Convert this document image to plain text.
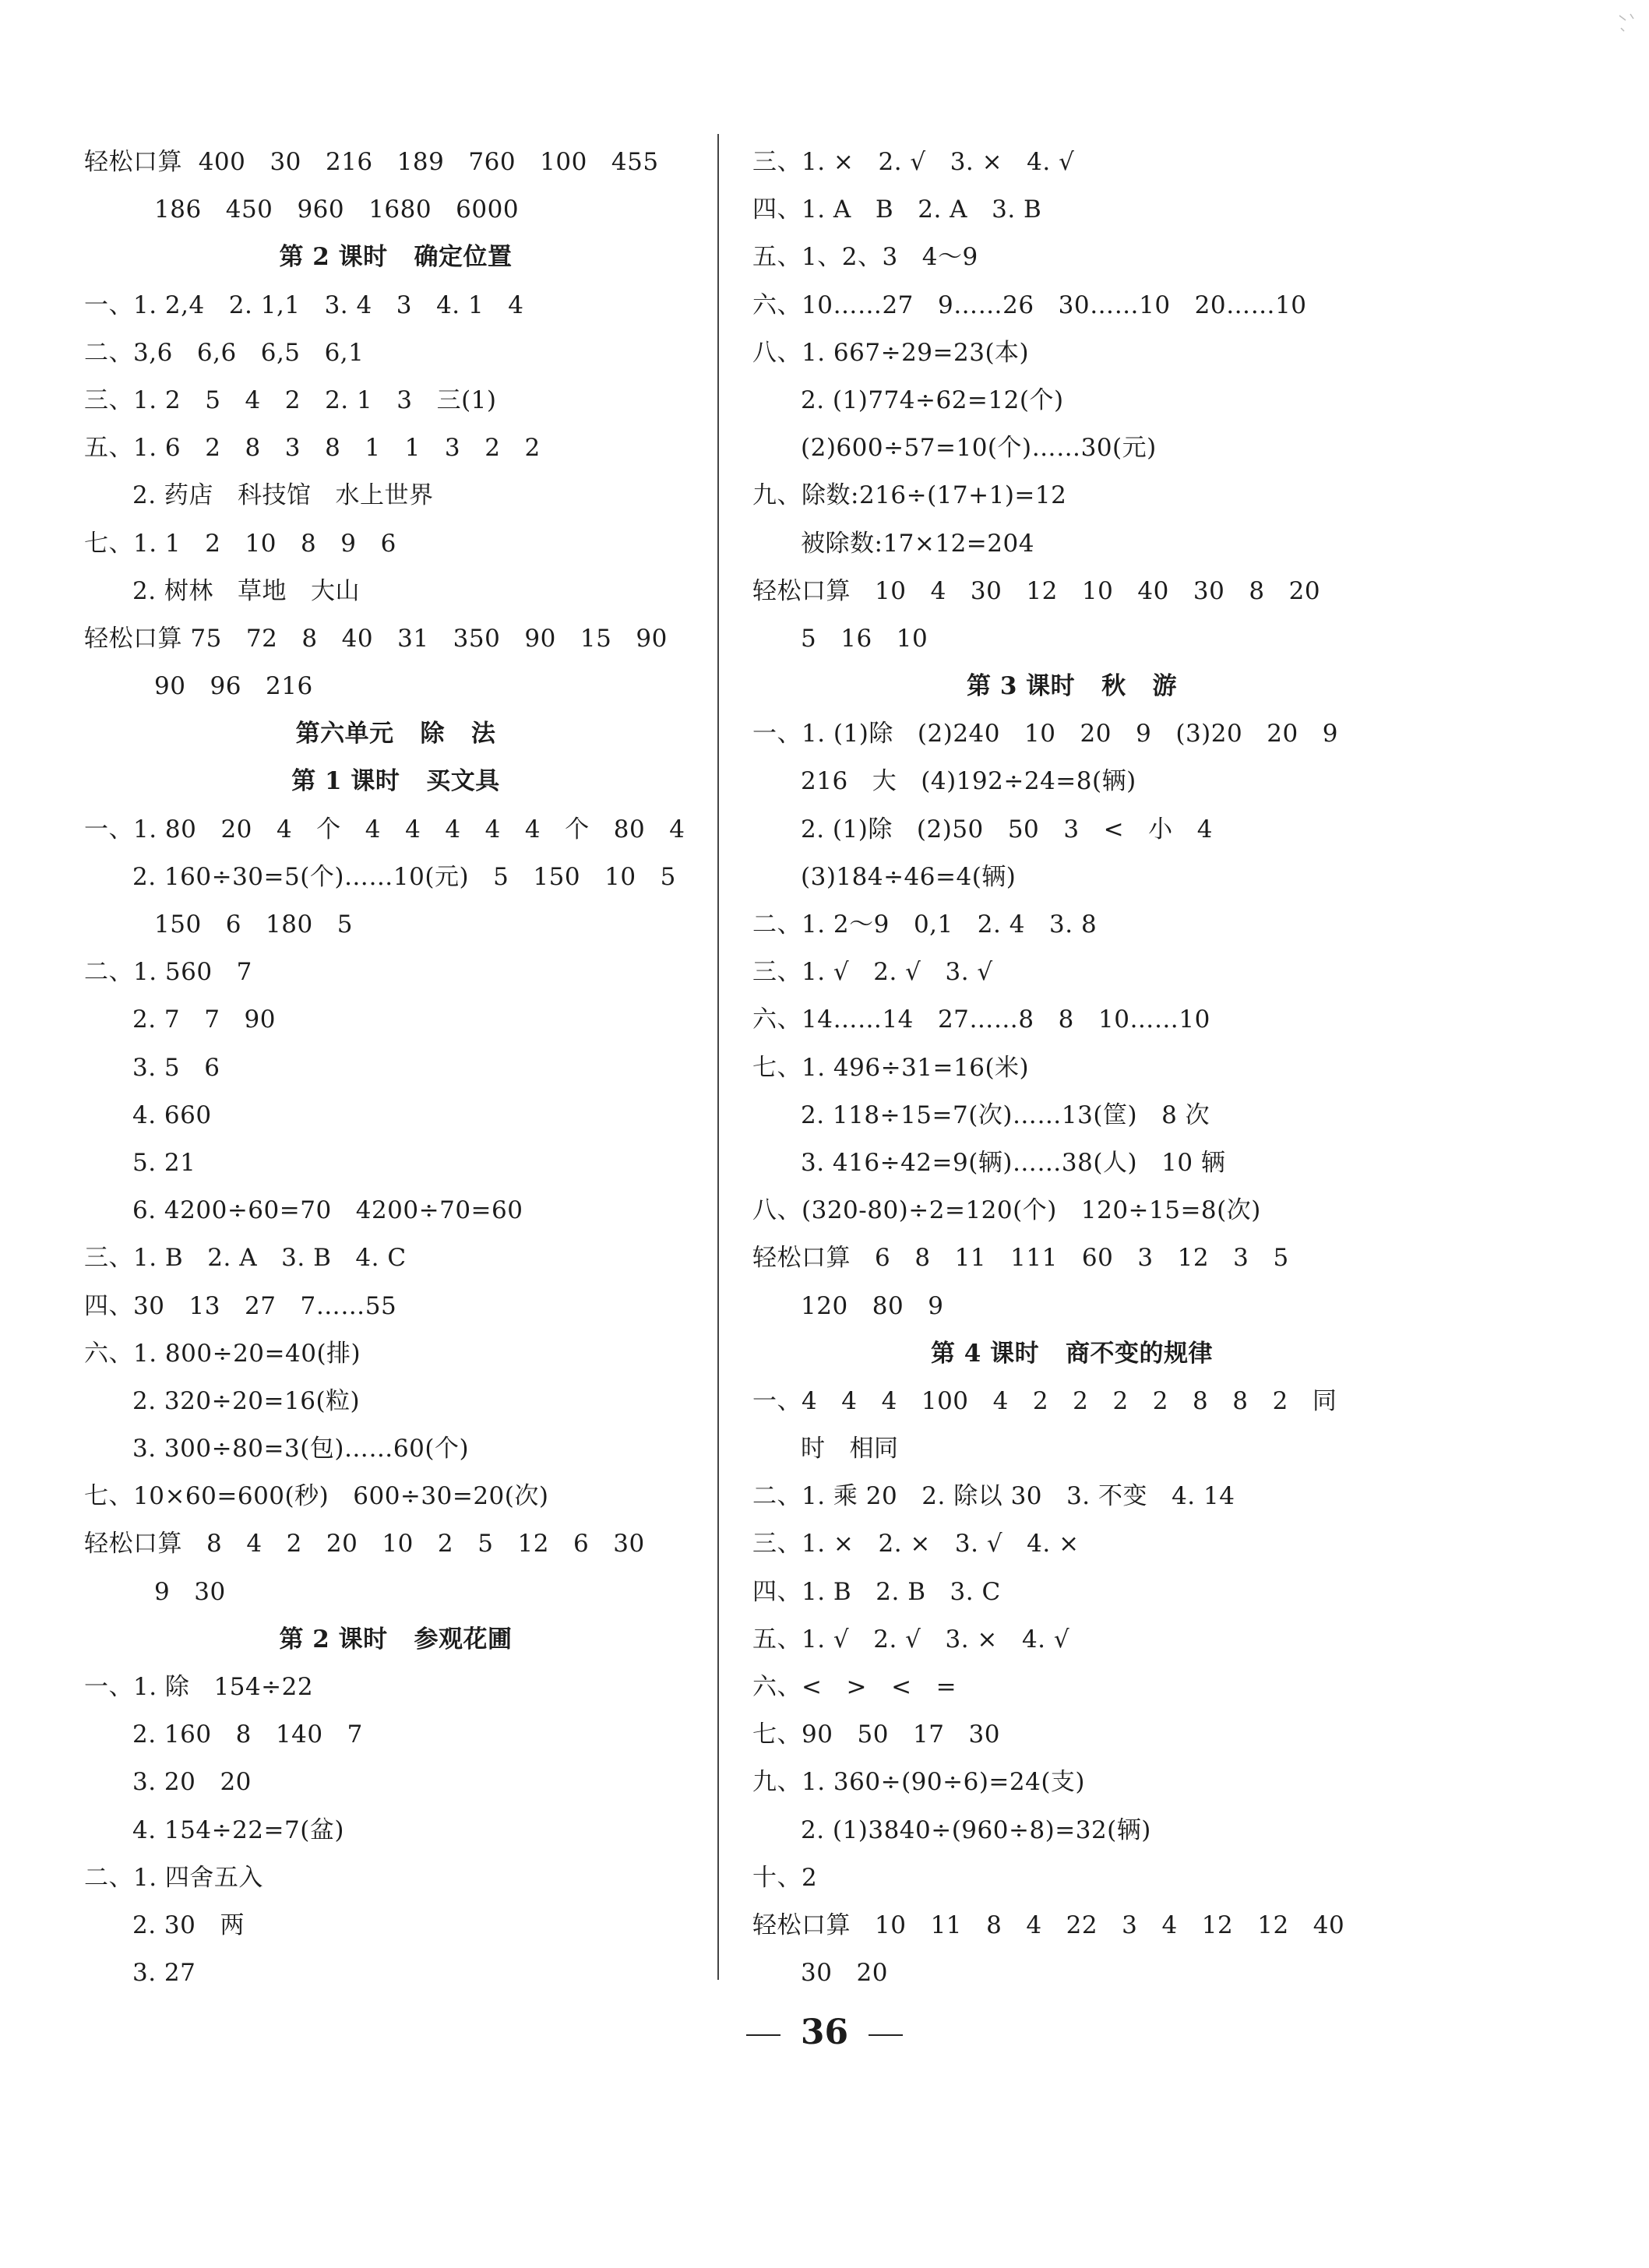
轻松口算  400   30   216   189   760   100   455
186   450   960   1680   6000
第 2 课时   确定位置
一、1. 2,4   2. 1,1   3. 4   3   4. 1   4
二、3,6   6,6   6,5   6,1
三、1. 2   5   4   2   2. 1   3   三(1)
五、1. 6   2   8   3   8   1   1   3   2   2
2. 药店   科技馆   水上世界
七、1. 1   2   10   8   9   6
2. 树林   草地   大山
轻松口算 75   72   8   40   31   350   90   15   90
90   96   216
第六单元   除   法
第 1 课时   买文具
一、1. 80   20   4   个   4   4   4   4   4   个   80   4
2. 160÷30=5(个)……10(元)   5   150   10   5
150   6   180   5
二、1. 560   7
2. 7   7   90
3. 5   6
4. 660
5. 21
6. 4200÷60=70   4200÷70=60
三、1. B   2. A   3. B   4. C
四、30   13   27   7……55
六、1. 800÷20=40(排)
2. 320÷20=16(粒)
3. 300÷80=3(包)……60(个)
七、10×60=600(秒)   600÷30=20(次)
轻松口算   8   4   2   20   10   2   5   12   6   30
9   30
第 2 课时   参观花圃
一、1. 除   154÷22
2. 160   8   140   7
3. 20   20
4. 154÷22=7(盆)
二、1. 四舍五入
2. 30   两
3. 27
三、1. ×   2. √   3. ×   4. √
四、1. A   B   2. A   3. B
五、1、2、3   4～9
六、10……27   9……26   30……10   20……10
八、1. 667÷29=23(本)
2. (1)774÷62=12(个)
(2)600÷57=10(个)……30(元)
九、除数:216÷(17+1)=12
被除数:17×12=204
轻松口算   10   4   30   12   10   40   30   8   20
5   16   10
第 3 课时   秋   游
一、1. (1)除   (2)240   10   20   9   (3)20   20   9
216   大   (4)192÷24=8(辆)
2. (1)除   (2)50   50   3   <   小   4
(3)184÷46=4(辆)
二、1. 2～9   0,1   2. 4   3. 8
三、1. √   2. √   3. √
六、14……14   27……8   8   10……10
七、1. 496÷31=16(米)
2. 118÷15=7(次)……13(筐)   8 次
3. 416÷42=9(辆)……38(人)   10 辆
八、(320-80)÷2=120(个)   120÷15=8(次)
轻松口算   6   8   11   111   60   3   12   3   5
120   80   9
第 4 课时   商不变的规律
一、4   4   4   100   4   2   2   2   2   8   8   2   同
时   相同
二、1. 乘 20   2. 除以 30   3. 不变   4. 14
三、1. ×   2. ×   3. √   4. ×
四、1. B   2. B   3. C
五、1. √   2. √   3. ×   4. √
六、<   >   <   =
七、90   50   17   30
九、1. 360÷(90÷6)=24(支)
2. (1)3840÷(960÷8)=32(辆)
十、2
轻松口算   10   11   8   4   22   3   4   12   12   40
30   20
36
